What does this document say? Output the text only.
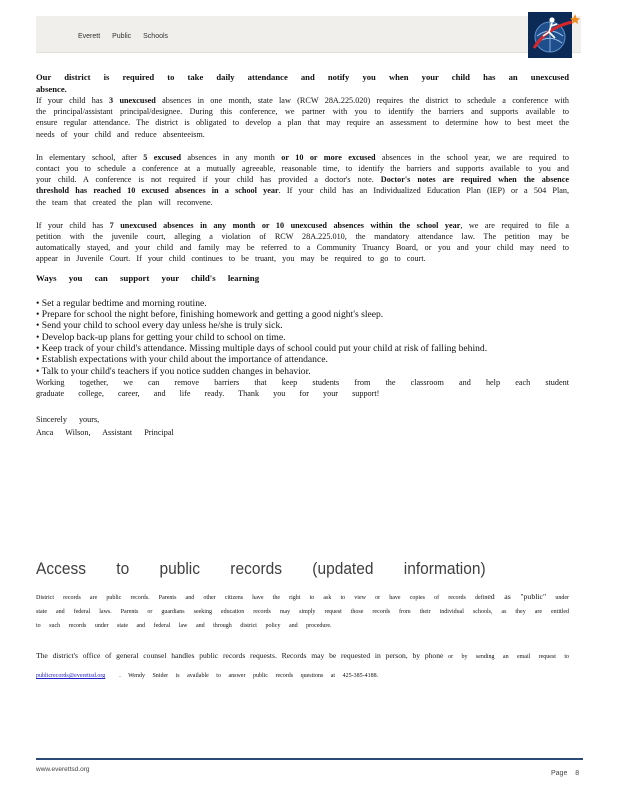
Everett Public Schools

Our district is required to take daily attendance and notify you when your child has an unexcused absence.

If your child has 3 unexcused absences in one month, state law (RCW 28A.225.020) requires the district to schedule a conference with the principal/assistant principal/designee. During this conference, we partner with you to identify the barriers and supports available to ensure regular attendance. The district is obligated to develop a plan that may require an assessment to determine how to best meet the needs of your child and reduce absenteeism.

In elementary school, after 5 excused absences in any month or 10 or more excused absences in the school year, we are required to contact you to schedule a conference at a mutually agreeable, reasonable time, to identify the barriers and supports available to you and your child. A conference is not required if your child has provided a doctor's note. Doctor's notes are required when the absence threshold has reached 10 excused absences in a school year. If your child has an Individualized Education Plan (IEP) or a 504 Plan, the team that created the plan will reconvene.

If your child has 7 unexcused absences in any month or 10 unexcused absences within the school year, we are required to file a petition with the juvenile court, alleging a violation of RCW 28A.225.010, the mandatory attendance law. The petition may be automatically stayed, and your child and family may be referred to a Community Truancy Board, or you and your child may need to appear in Juvenile Court. If your child continues to be truant, you may be required to go to court.

Ways you can support your child's learning

• Set a regular bedtime and morning routine.
• Prepare for school the night before, finishing homework and getting a good night's sleep.
• Send your child to school every day unless he/she is truly sick.
• Develop back-up plans for getting your child to school on time.
• Keep track of your child's attendance. Missing multiple days of school could put your child at risk of falling behind.
• Establish expectations with your child about the importance of attendance.
• Talk to your child's teachers if you notice sudden changes in behavior.

Working together, we can remove barriers that keep students from the classroom and help each student graduate college, career, and life ready. Thank you for your support!

Sincerely yours,

Anca Wilson, Assistant Principal

Access to public records (updated information)

District records are public records. Parents and other citizens have the right to ask to view or have copies of records defined as "public" under state and federal laws. Parents or guardians seeking education records may simply request those records from their individual schools, as they are entitled to such records under state and federal law and through district policy and procedure.

The district's office of general counsel handles public records requests. Records may be requested in person, by phone or by sending an email request to publicrecords@everettsd.org . Wendy Snider is available to answer public records questions at 425-385-4188.

www.everettsd.org
Page 8
